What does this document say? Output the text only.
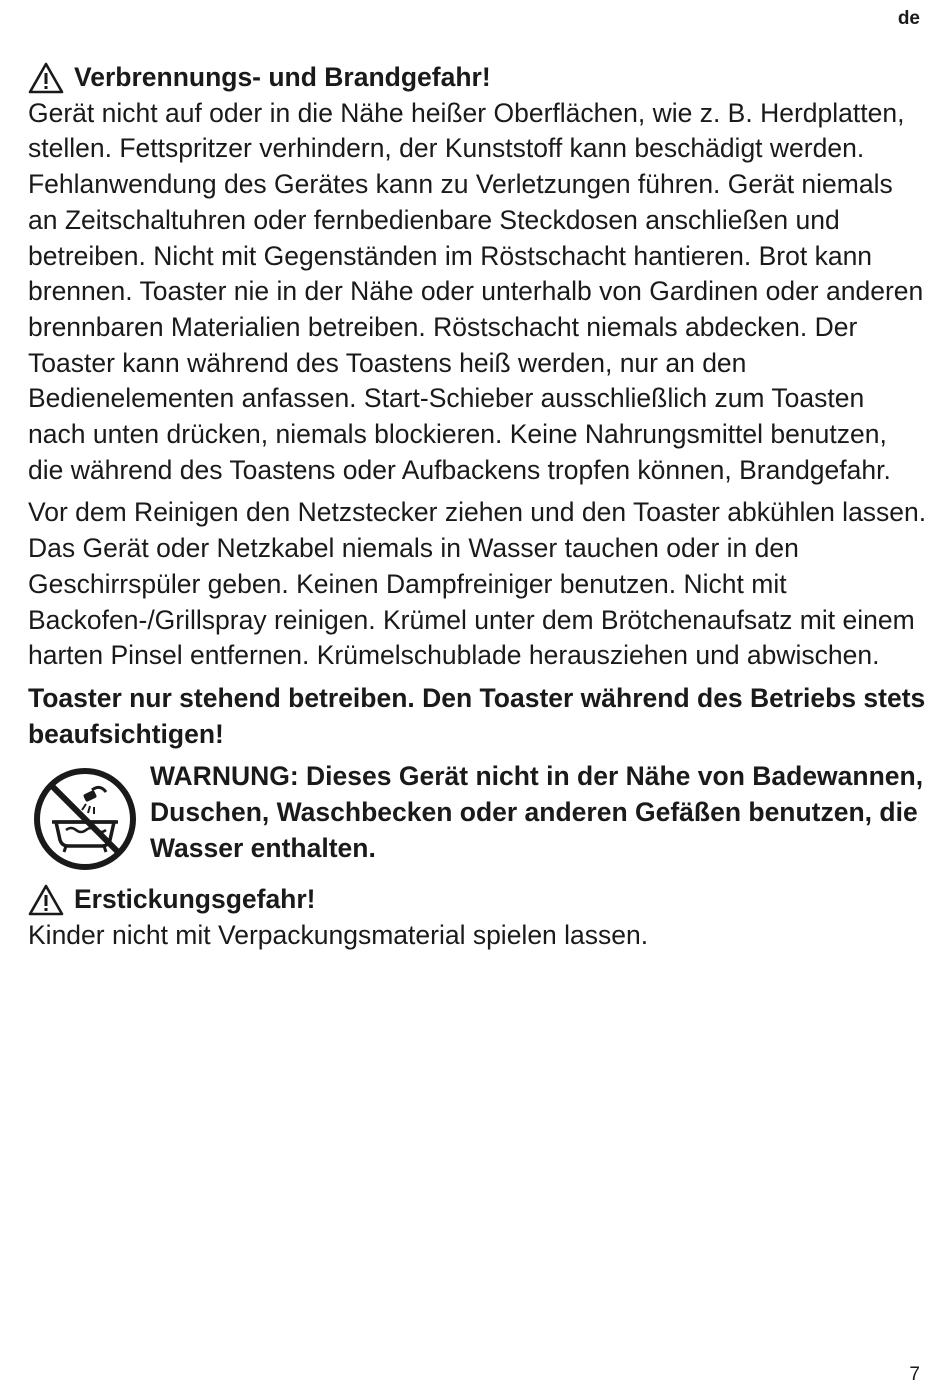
de
Verbrennungs- und Brandgefahr!

Gerät nicht auf oder in die Nähe heißer Oberflächen, wie z. B. Herdplatten, stellen. Fettspritzer verhindern, der Kunststoff kann beschädigt werden.

Fehlanwendung des Gerätes kann zu Verletzungen führen. Gerät niemals an Zeitschaltuhren oder fernbedienbare Steckdosen anschließen und betreiben. Nicht mit Gegenständen im Röstschacht hantieren. Brot kann brennen. Toaster nie in der Nähe oder unterhalb von Gardinen oder anderen brennbaren Materialien betreiben. Röstschacht niemals abdecken. Der Toaster kann während des Toastens heiß werden, nur an den Bedienelementen anfassen. Start-Schieber ausschließlich zum Toasten nach unten drücken, niemals blockieren. Keine Nahrungsmittel benutzen, die während des Toastens oder Aufbackens tropfen können, Brandgefahr.

Vor dem Reinigen den Netzstecker ziehen und den Toaster abkühlen lassen. Das Gerät oder Netzkabel niemals in Wasser tauchen oder in den Geschirrspüler geben. Keinen Dampfreiniger benutzen. Nicht mit Backofen-/Grillspray reinigen. Krümel unter dem Brötchenaufsatz mit einem harten Pinsel entfernen. Krümelschublade herausziehen und abwischen.

Toaster nur stehend betreiben. Den Toaster während des Betriebs stets beaufsichtigen!

WARNUNG: Dieses Gerät nicht in der Nähe von Badewannen, Duschen, Waschbecken oder anderen Gefäßen benutzen, die Wasser enthalten.

Erstickungsgefahr!

Kinder nicht mit Verpackungsmaterial spielen lassen.

7
